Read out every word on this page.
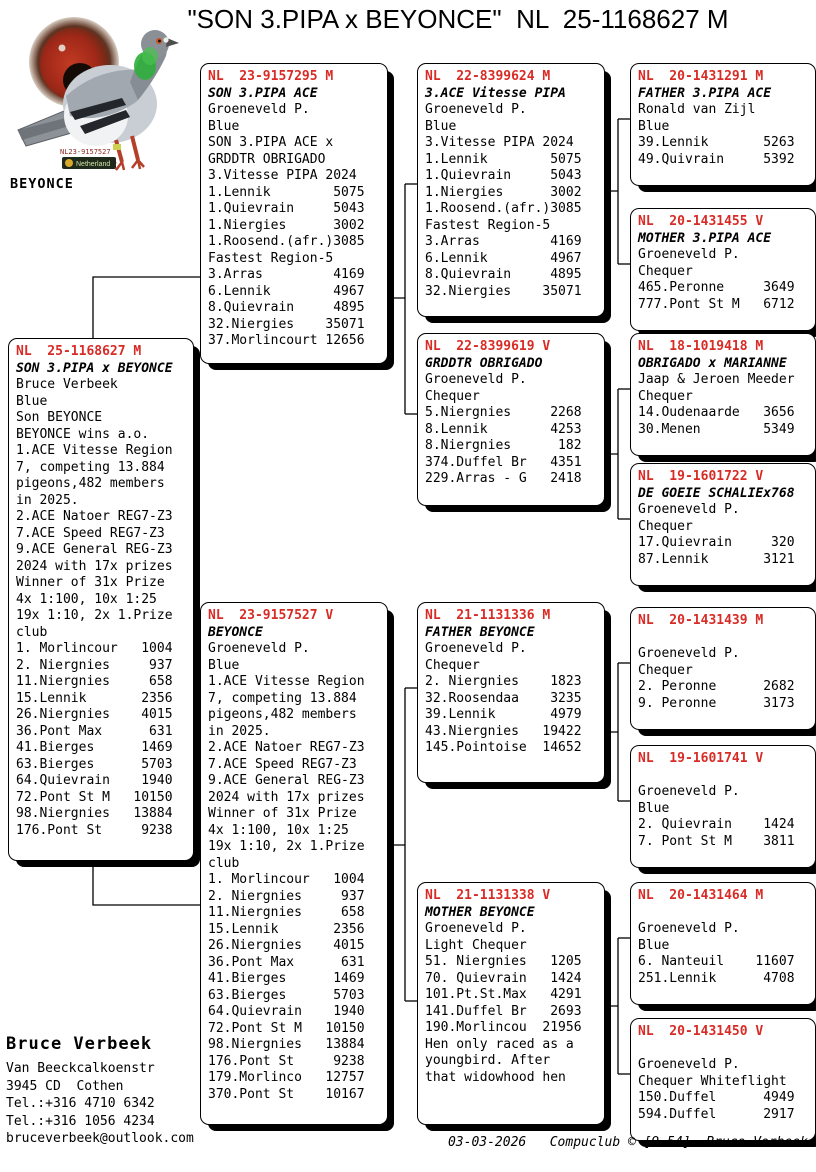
"SON 3.PIPA x BEYONCE"  NL  25-1168627 M
NL23-9157527
Netherland
BEYONCE
NL  25-1168627 M
SON 3.PIPA x BEYONCE
Bruce Verbeek
Blue
Son BEYONCE
BEYONCE wins a.o.
1.ACE Vitesse Region
7, competing 13.884
pigeons,482 members
in 2025.
2.ACE Natoer REG7-Z3
7.ACE Speed REG7-Z3
9.ACE General REG-Z3
2024 with 17x prizes
Winner of 31x Prize
4x 1:100, 10x 1:25
19x 1:10, 2x 1.Prize
club
1. Morlincour   1004
2. Niergnies     937
11.Niergnies     658
15.Lennik       2356
26.Niergnies    4015
36.Pont Max      631
41.Bierges      1469
63.Bierges      5703
64.Quievrain    1940
72.Pont St M   10150
98.Niergnies   13884
176.Pont St     9238
NL  23-9157295 M
SON 3.PIPA ACE
Groeneveld P.
Blue
SON 3.PIPA ACE x
GRDDTR OBRIGADO
3.Vitesse PIPA 2024
1.Lennik        5075
1.Quievrain     5043
1.Niergies      3002
1.Roosend.(afr.)3085
Fastest Region-5
3.Arras         4169
6.Lennik        4967
8.Quievrain     4895
32.Niergies    35071
37.Morlincourt 12656
NL  23-9157527 V
BEYONCE
Groeneveld P.
Blue
1.ACE Vitesse Region
7, competing 13.884
pigeons,482 members
in 2025.
2.ACE Natoer REG7-Z3
7.ACE Speed REG7-Z3
9.ACE General REG-Z3
2024 with 17x prizes
Winner of 31x Prize
4x 1:100, 10x 1:25
19x 1:10, 2x 1.Prize
club
1. Morlincour   1004
2. Niergnies     937
11.Niergnies     658
15.Lennik       2356
26.Niergnies    4015
36.Pont Max      631
41.Bierges      1469
63.Bierges      5703
64.Quievrain    1940
72.Pont St M   10150
98.Niergnies   13884
176.Pont St     9238
179.Morlinco   12757
370.Pont St    10167
NL  22-8399624 M
3.ACE Vitesse PIPA
Groeneveld P.
Blue
3.Vitesse PIPA 2024
1.Lennik        5075
1.Quievrain     5043
1.Niergies      3002
1.Roosend.(afr.)3085
Fastest Region-5
3.Arras         4169
6.Lennik        4967
8.Quievrain     4895
32.Niergies    35071
NL  22-8399619 V
GRDDTR OBRIGADO
Groeneveld P.
Chequer
5.Niergnies     2268
8.Lennik        4253
8.Niergnies      182
374.Duffel Br   4351
229.Arras - G   2418
NL  21-1131336 M
FATHER BEYONCE
Groeneveld P.
Chequer
2. Niergnies    1823
32.Roosendaa    3235
39.Lennik       4979
43.Niergnies   19422
145.Pointoise  14652
NL  21-1131338 V
MOTHER BEYONCE
Groeneveld P.
Light Chequer
51. Niergnies   1205
70. Quievrain   1424
101.Pt.St.Max   4291
141.Duffel Br   2693
190.Morlincou  21956
Hen only raced as a
youngbird. After
that widowhood hen
NL  20-1431291 M
FATHER 3.PIPA ACE
Ronald van Zijl
Blue
39.Lennik       5263
49.Quivrain     5392
NL  20-1431455 V
MOTHER 3.PIPA ACE
Groeneveld P.
Chequer
465.Peronne     3649
777.Pont St M   6712
NL  18-1019418 M
OBRIGADO x MARIANNE
Jaap & Jeroen Meeder
Chequer
14.Oudenaarde   3656
30.Menen        5349
NL  19-1601722 V
DE GOEIE SCHALIEx768
Groeneveld P.
Chequer
17.Quievrain     320
87.Lennik       3121
NL  20-1431439 M
Groeneveld P.
Chequer
2. Peronne      2682
9. Peronne      3173
NL  19-1601741 V
Groeneveld P.
Blue
2. Quievrain    1424
7. Pont St M    3811
NL  20-1431464 M
Groeneveld P.
Blue
6. Nanteuil    11607
251.Lennik      4708
NL  20-1431450 V
Groeneveld P.
Chequer Whiteflight
150.Duffel      4949
594.Duffel      2917
Bruce Verbeek
Van Beeckcalkoenstr
3945 CD  Cothen
Tel.:+316 4710 6342
Tel.:+316 1056 4234
bruceverbeek@outlook.com	03-03-2026   Compuclub © [9.54]  Bruce Verbeek
